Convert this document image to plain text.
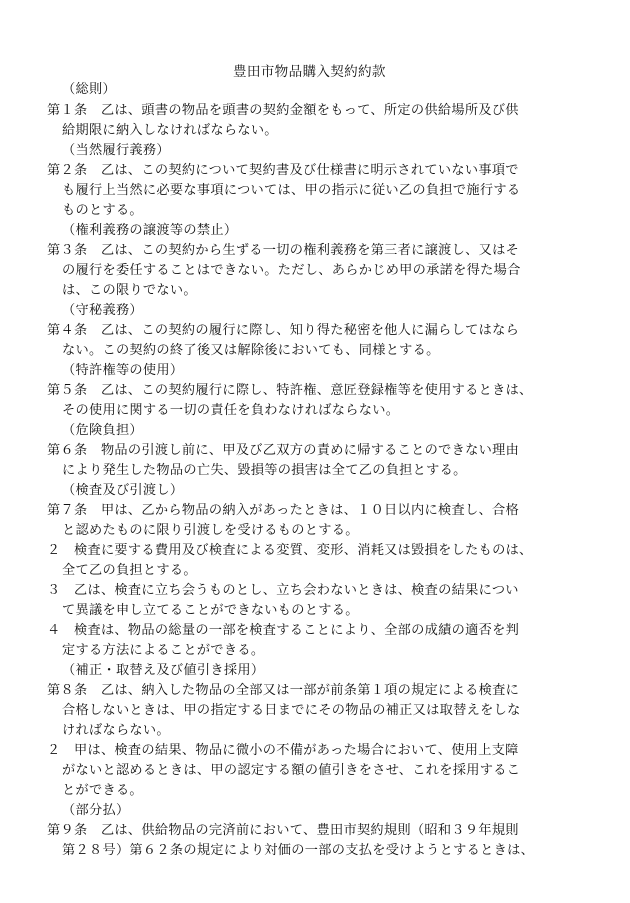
豊田市物品購入契約約款

（総則）

第１条　乙は、頭書の物品を頭書の契約金額をもって、所定の供給場所及び供

給期限に納入しなければならない。

（当然履行義務）

第２条　乙は、この契約について契約書及び仕様書に明示されていない事項で

も履行上当然に必要な事項については、甲の指示に従い乙の負担で施行する

ものとする。

（権利義務の譲渡等の禁止）

第３条　乙は、この契約から生ずる一切の権利義務を第三者に譲渡し、又はそ

の履行を委任することはできない。ただし、あらかじめ甲の承諾を得た場合

は、この限りでない。

（守秘義務）

第４条　乙は、この契約の履行に際し、知り得た秘密を他人に漏らしてはなら

ない。この契約の終了後又は解除後においても、同様とする。

（特許権等の使用）

第５条　乙は、この契約履行に際し、特許権、意匠登録権等を使用するときは、

その使用に関する一切の責任を負わなければならない。

（危険負担）

第６条　物品の引渡し前に、甲及び乙双方の責めに帰することのできない理由

により発生した物品の亡失、毀損等の損害は全て乙の負担とする。

（検査及び引渡し）

第７条　甲は、乙から物品の納入があったときは、１０日以内に検査し、合格

と認めたものに限り引渡しを受けるものとする。

２　検査に要する費用及び検査による変質、変形、消耗又は毀損をしたものは、

全て乙の負担とする。

３　乙は、検査に立ち会うものとし、立ち会わないときは、検査の結果につい

て異議を申し立てることができないものとする。

４　検査は、物品の総量の一部を検査することにより、全部の成績の適否を判

定する方法によることができる。

（補正・取替え及び値引き採用）

第８条　乙は、納入した物品の全部又は一部が前条第１項の規定による検査に

合格しないときは、甲の指定する日までにその物品の補正又は取替えをしな

ければならない。

２　甲は、検査の結果、物品に微小の不備があった場合において、使用上支障

がないと認めるときは、甲の認定する額の値引きをさせ、これを採用するこ

とができる。

（部分払）

第９条　乙は、供給物品の完済前において、豊田市契約規則（昭和３９年規則

第２８号）第６２条の規定により対価の一部の支払を受けようとするときは、
